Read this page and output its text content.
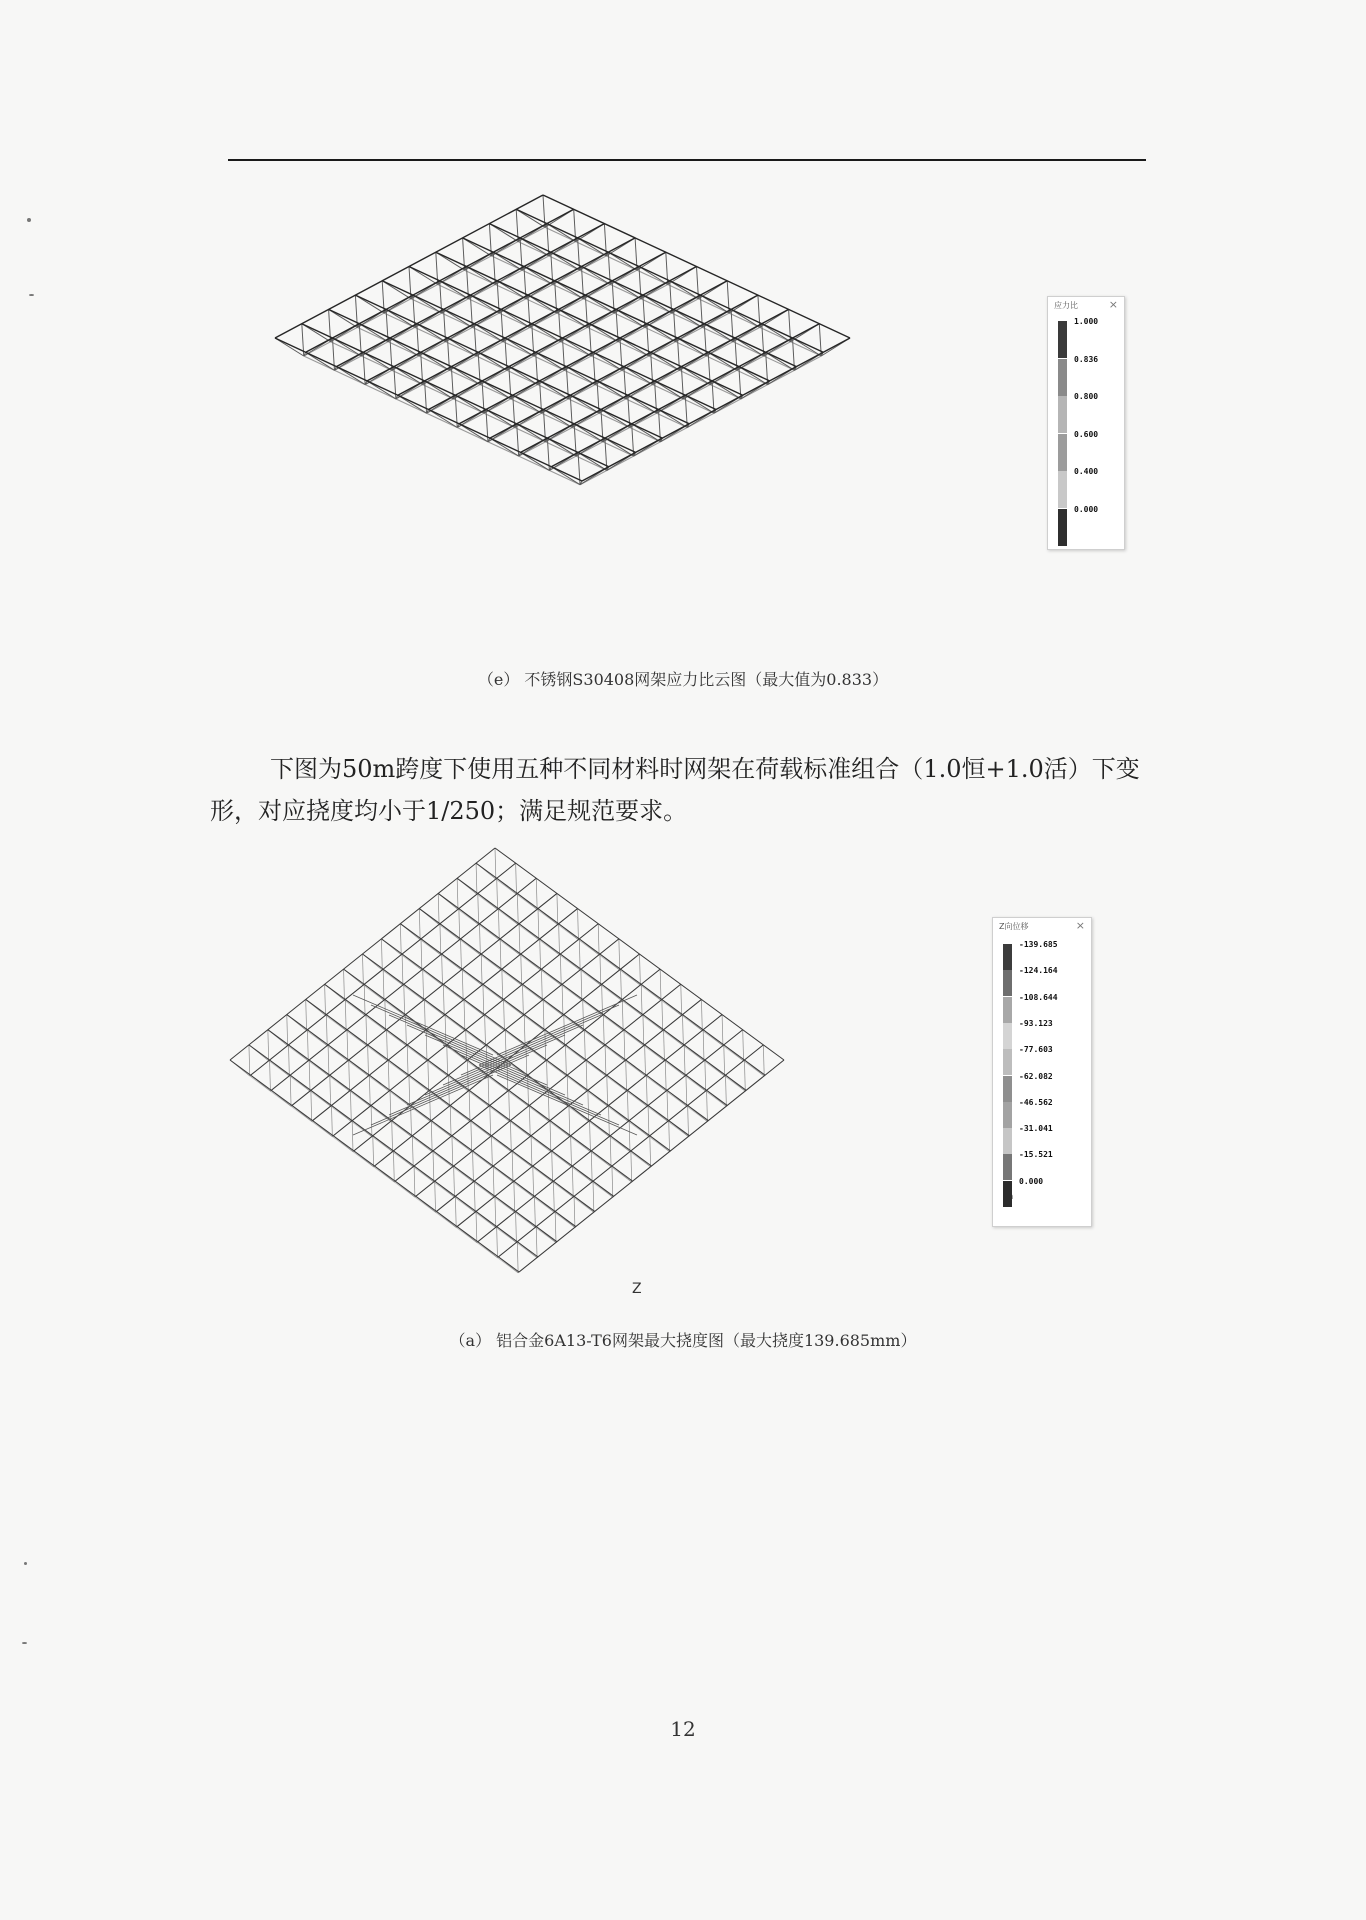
应力比	×
1.000
0.836
0.800
0.600
0.400
0.000
（e） 不锈钢S30408网架应力比云图（最大值为0.833）

下图为50m跨度下使用五种不同材料时网架在荷载标准组合（1.0恒+1.0活）下变形，对应挠度均小于1/250；满足规范要求。

Z
Z向位移	×
-139.685
-124.164
-108.644
-93.123
-77.603
-62.082
-46.562
-31.041
-15.521
0.000
（a） 铝合金6A13-T6网架最大挠度图（最大挠度139.685mm）
12
